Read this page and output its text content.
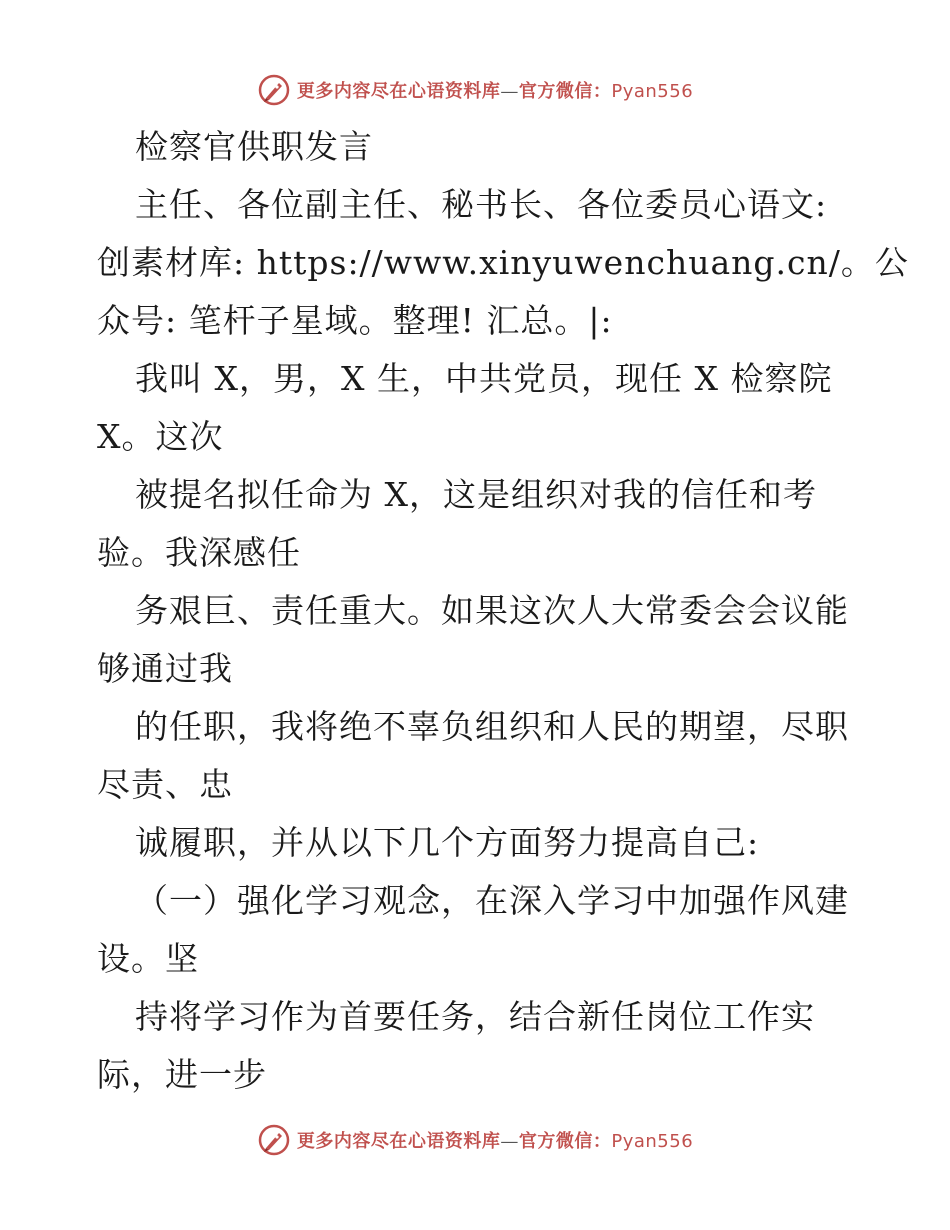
更多内容尽在心语资料库—官方微信：Pyan556
检察官供职发言
主任、各位副主任、秘书长、各位委员心语文:
创素材库: https://www.xinyuwenchuang.cn/。公
众号: 笔杆子星域。整理! 汇总。|:
我叫 X，男，X 生，中共党员，现任 X 检察院
X。这次
被提名拟任命为 X，这是组织对我的信任和考
验。我深感任
务艰巨、责任重大。如果这次人大常委会会议能
够通过我
的任职，我将绝不辜负组织和人民的期望，尽职
尽责、忠
诚履职，并从以下几个方面努力提高自己:
（一）强化学习观念，在深入学习中加强作风建
设。坚
持将学习作为首要任务，结合新任岗位工作实
际，进一步
更多内容尽在心语资料库—官方微信：Pyan556
